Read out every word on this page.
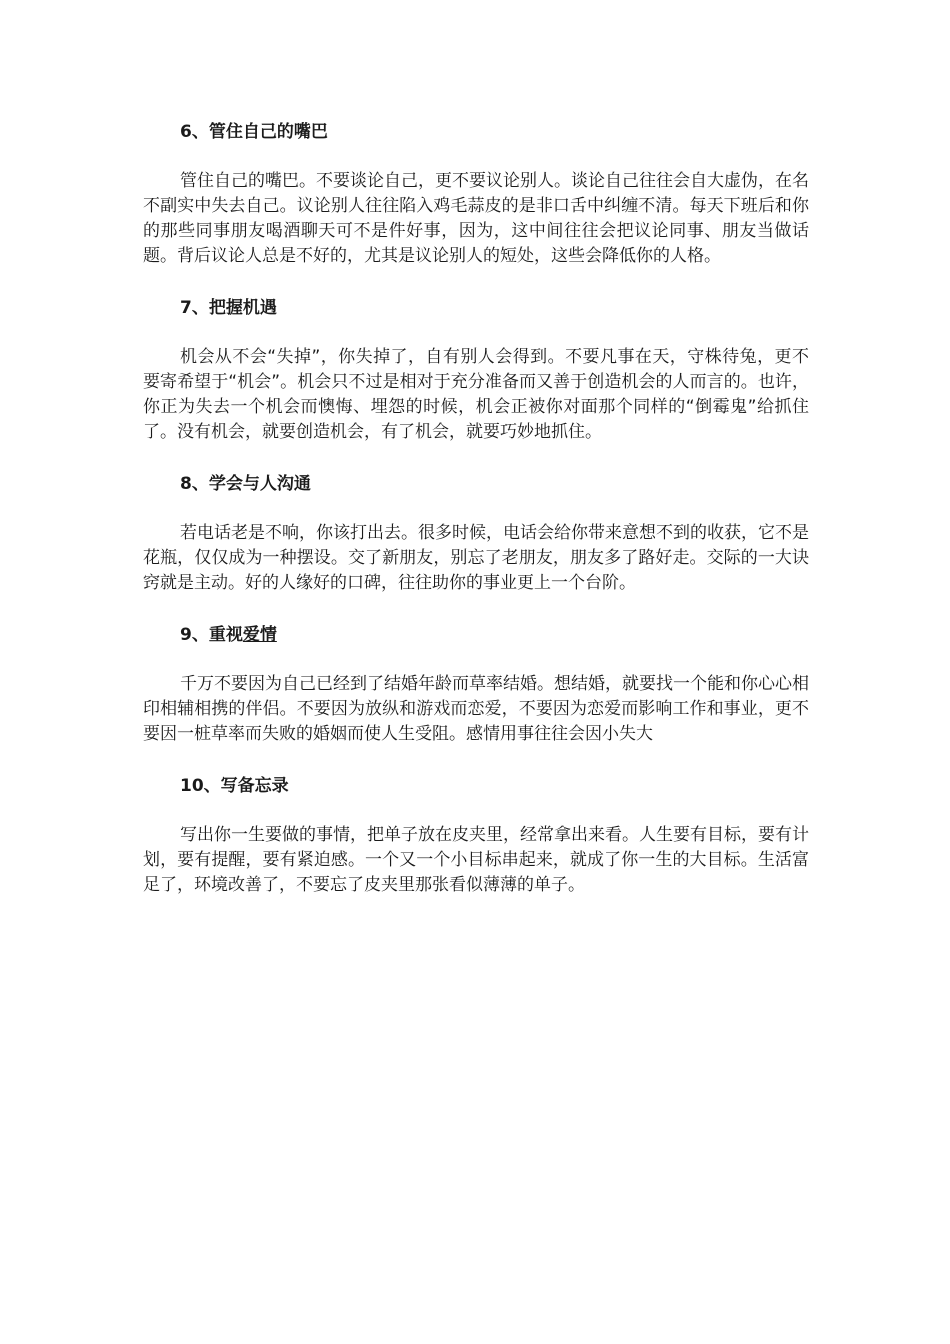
6、管住自己的嘴巴

管住自己的嘴巴。不要谈论自己，更不要议论别人。谈论自己往往会自大虚伪，在名不副实中失去自己。议论别人往往陷入鸡毛蒜皮的是非口舌中纠缠不清。每天下班后和你的那些同事朋友喝酒聊天可不是件好事，因为，这中间往往会把议论同事、朋友当做话题。背后议论人总是不好的，尤其是议论别人的短处，这些会降低你的人格。

7、把握机遇

机会从不会“失掉”，你失掉了，自有别人会得到。不要凡事在天，守株待兔，更不要寄希望于“机会”。机会只不过是相对于充分准备而又善于创造机会的人而言的。也许，你正为失去一个机会而懊悔、埋怨的时候，机会正被你对面那个同样的“倒霉鬼”给抓住了。没有机会，就要创造机会，有了机会，就要巧妙地抓住。

8、学会与人沟通

若电话老是不响，你该打出去。很多时候，电话会给你带来意想不到的收获，它不是花瓶，仅仅成为一种摆设。交了新朋友，别忘了老朋友，朋友多了路好走。交际的一大诀窍就是主动。好的人缘好的口碑，往往助你的事业更上一个台阶。

9、重视爱情

千万不要因为自己已经到了结婚年龄而草率结婚。想结婚，就要找一个能和你心心相印相辅相携的伴侣。不要因为放纵和游戏而恋爱，不要因为恋爱而影响工作和事业，更不要因一桩草率而失败的婚姻而使人生受阻。感情用事往往会因小失大

10、写备忘录

写出你一生要做的事情，把单子放在皮夹里，经常拿出来看。人生要有目标，要有计划，要有提醒，要有紧迫感。一个又一个小目标串起来，就成了你一生的大目标。生活富足了，环境改善了，不要忘了皮夹里那张看似薄薄的单子。
